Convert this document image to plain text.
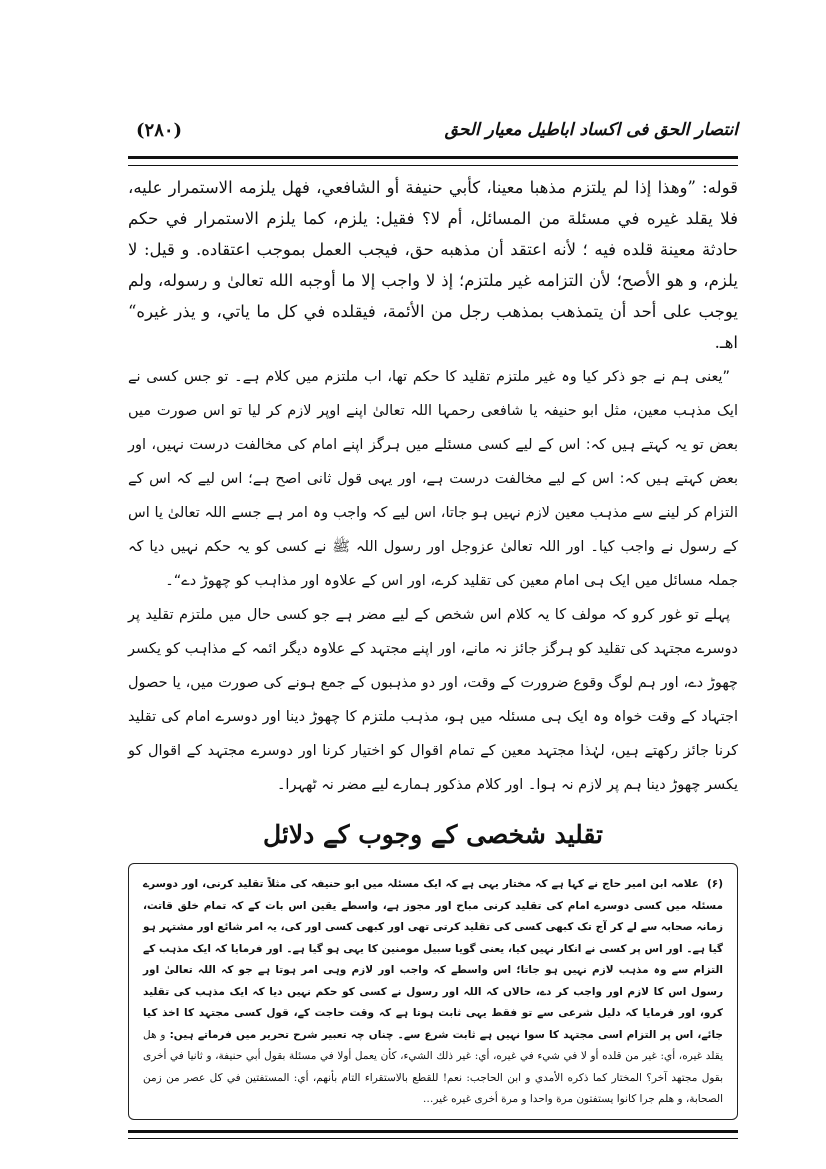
انتصار الحق فی اکساد اباطیل معیار الحق
(۲۸۰)

قوله: ”وهذا إذا لم يلتزم مذهبا معينا، كأبي حنيفة أو الشافعي، فهل يلزمه الاستمرار عليه، فلا يقلد غيره في مسئلة من المسائل، أم لا؟ فقيل: يلزم، كما يلزم الاستمرار في حكم حادثة معينة قلده فيه ؛ لأنه اعتقد أن مذهبه حق، فيجب العمل بموجب اعتقاده. و قيل: لا يلزم، و هو الأصح؛ لأن التزامه غير ملتزم؛ إذ لا واجب إلا ما أوجبه الله تعالىٰ و رسوله، ولم يوجب على أحد أن يتمذهب بمذهب رجل من الأئمة، فيقلده في كل ما ياتي، و يذر غيره“ اهـ.

”یعنی ہم نے جو ذکر کیا وہ غیر ملتزم تقلید کا حکم تھا، اب ملتزم میں کلام ہے۔ تو جس کسی نے ایک مذہب معین، مثل ابو حنیفہ یا شافعی رحمہا اللہ تعالیٰ اپنے اوپر لازم کر لیا تو اس صورت میں بعض تو یہ کہتے ہیں کہ: اس کے لیے کسی مسئلے میں ہرگز اپنے امام کی مخالفت درست نہیں، اور بعض کہتے ہیں کہ: اس کے لیے مخالفت درست ہے، اور یہی قول ثانی اصح ہے؛ اس لیے کہ اس کے التزام کر لینے سے مذہب معین لازم نہیں ہو جاتا، اس لیے کہ واجب وہ امر ہے جسے اللہ تعالیٰ یا اس کے رسول نے واجب کیا۔ اور اللہ تعالیٰ عزوجل اور رسول اللہ ﷺ نے کسی کو یہ حکم نہیں دیا کہ جملہ مسائل میں ایک ہی امام معین کی تقلید کرے، اور اس کے علاوہ اور مذاہب کو چھوڑ دے“۔

پہلے تو غور کرو کہ مولف کا یہ کلام اس شخص کے لیے مضر ہے جو کسی حال میں ملتزم تقلید پر دوسرے مجتہد کی تقلید کو ہرگز جائز نہ مانے، اور اپنے مجتہد کے علاوہ دیگر ائمہ کے مذاہب کو یکسر چھوڑ دے، اور ہم لوگ وقوع ضرورت کے وقت، اور دو مذہبوں کے جمع ہونے کی صورت میں، یا حصول اجتہاد کے وقت خواہ وہ ایک ہی مسئلہ میں ہو، مذہب ملتزم کا چھوڑ دینا اور دوسرے امام کی تقلید کرنا جائز رکھتے ہیں، لہٰذا مجتہد معین کے تمام اقوال کو اختیار کرنا اور دوسرے مجتہد کے اقوال کو یکسر چھوڑ دینا ہم پر لازم نہ ہوا۔ اور کلام مذکور ہمارے لیے مضر نہ ٹھہرا۔

تقلید شخصی کے وجوب کے دلائل
(۶) علامہ ابن امیر حاج نے کہا ہے کہ مختار یہی ہے کہ ایک مسئلہ میں ابو حنیفہ کی مثلاً تقلید کرنی، اور دوسرے مسئلہ میں کسی دوسرے امام کی تقلید کرنی مباح اور مجوز ہے، واسطے یقین اس بات کے کہ تمام خلق قاتت، زمانہ صحابہ سے لے کر آج تک کبھی کسی کی تقلید کرتی تھی اور کبھی کسی اور کی، یہ امر شائع اور مشتہر ہو گیا ہے۔ اور اس پر کسی نے انکار نہیں کیا، یعنی گویا سبیل مومنین کا یہی ہو گیا ہے۔ اور فرمایا کہ ایک مذہب کے التزام سے وہ مذہب لازم نہیں ہو جاتا؛ اس واسطے کہ واجب اور لازم وہی امر ہوتا ہے جو کہ اللہ تعالیٰ اور رسول اس کا لازم اور واجب کر دے، حالاں کہ اللہ اور رسول نے کسی کو حکم نہیں دیا کہ ایک مذہب کی تقلید کرو، اور فرمایا کہ دلیل شرعی سے تو فقط یہی ثابت ہوتا ہے کہ وقت حاجت کے، قول کسی مجتہد کا اخذ کیا جائے، اس پر التزام اسی مجتہد کا سوا نہیں ہے ثابت شرع سے۔ چناں چہ تعبیر شرح تحریر میں فرماتے ہیں: و هل يقلد غيره، أي: غير من قلده أو لا في شيء في غيره، أي: غير ذلك الشيء، كأن يعمل أولا في مسئلة بقول أبي حنيفة، و ثانيا في أخرى بقول مجتهد آخر؟ المختار كما ذكره الأمدي و ابن الحاجب: نعم! للقطع بالاستقراء التام بأنهم، أي: المستفتين في كل عصر من زمن الصحابة، و هلم جرا كانوا يستفتون مرة واحدا و مرة أخرى غيره غير…
